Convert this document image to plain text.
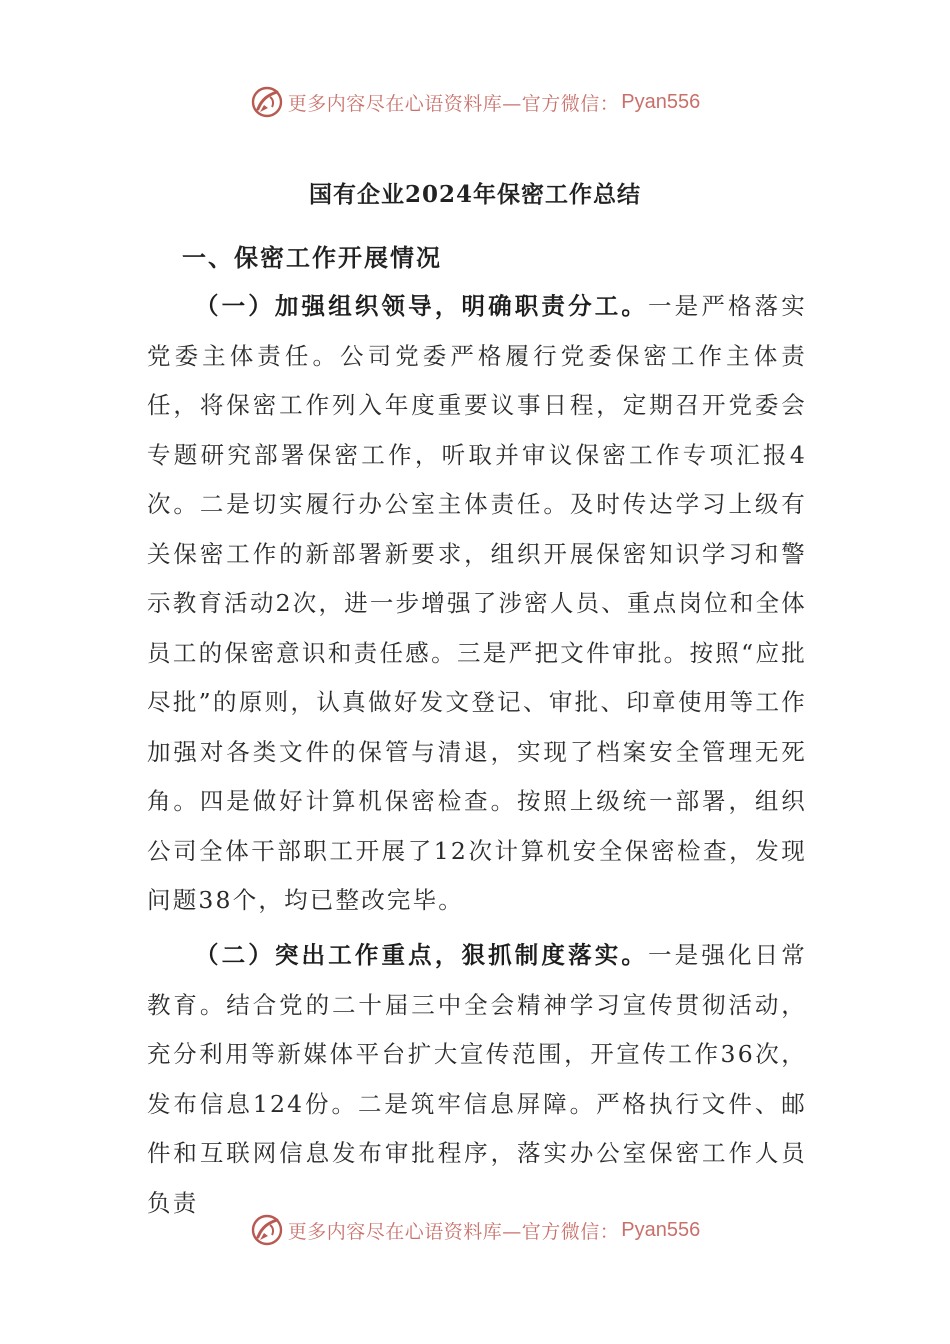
更多内容尽在心语资料库—官方微信： Pyan556
国有企业2024年保密工作总结
一、保密工作开展情况

（一）加强组织领导，明确职责分工。一是严格落实党委主体责任。公司党委严格履行党委保密工作主体责任，将保密工作列入年度重要议事日程，定期召开党委会专题研究部署保密工作，听取并审议保密工作专项汇报4次。二是切实履行办公室主体责任。及时传达学习上级有关保密工作的新部署新要求，组织开展保密知识学习和警示教育活动2次，进一步增强了涉密人员、重点岗位和全体员工的保密意识和责任感。三是严把文件审批。按照“应批尽批”的原则，认真做好发文登记、审批、印章使用等工作加强对各类文件的保管与清退，实现了档案安全管理无死角。四是做好计算机保密检查。按照上级统一部署，组织公司全体干部职工开展了12次计算机安全保密检查，发现问题38个，均已整改完毕。

（二）突出工作重点，狠抓制度落实。一是强化日常教育。结合党的二十届三中全会精神学习宣传贯彻活动，充分利用等新媒体平台扩大宣传范围，开宣传工作36次，发布信息124份。二是筑牢信息屏障。严格执行文件、邮件和互联网信息发布审批程序，落实办公室保密工作人员负责

更多内容尽在心语资料库—官方微信： Pyan556
